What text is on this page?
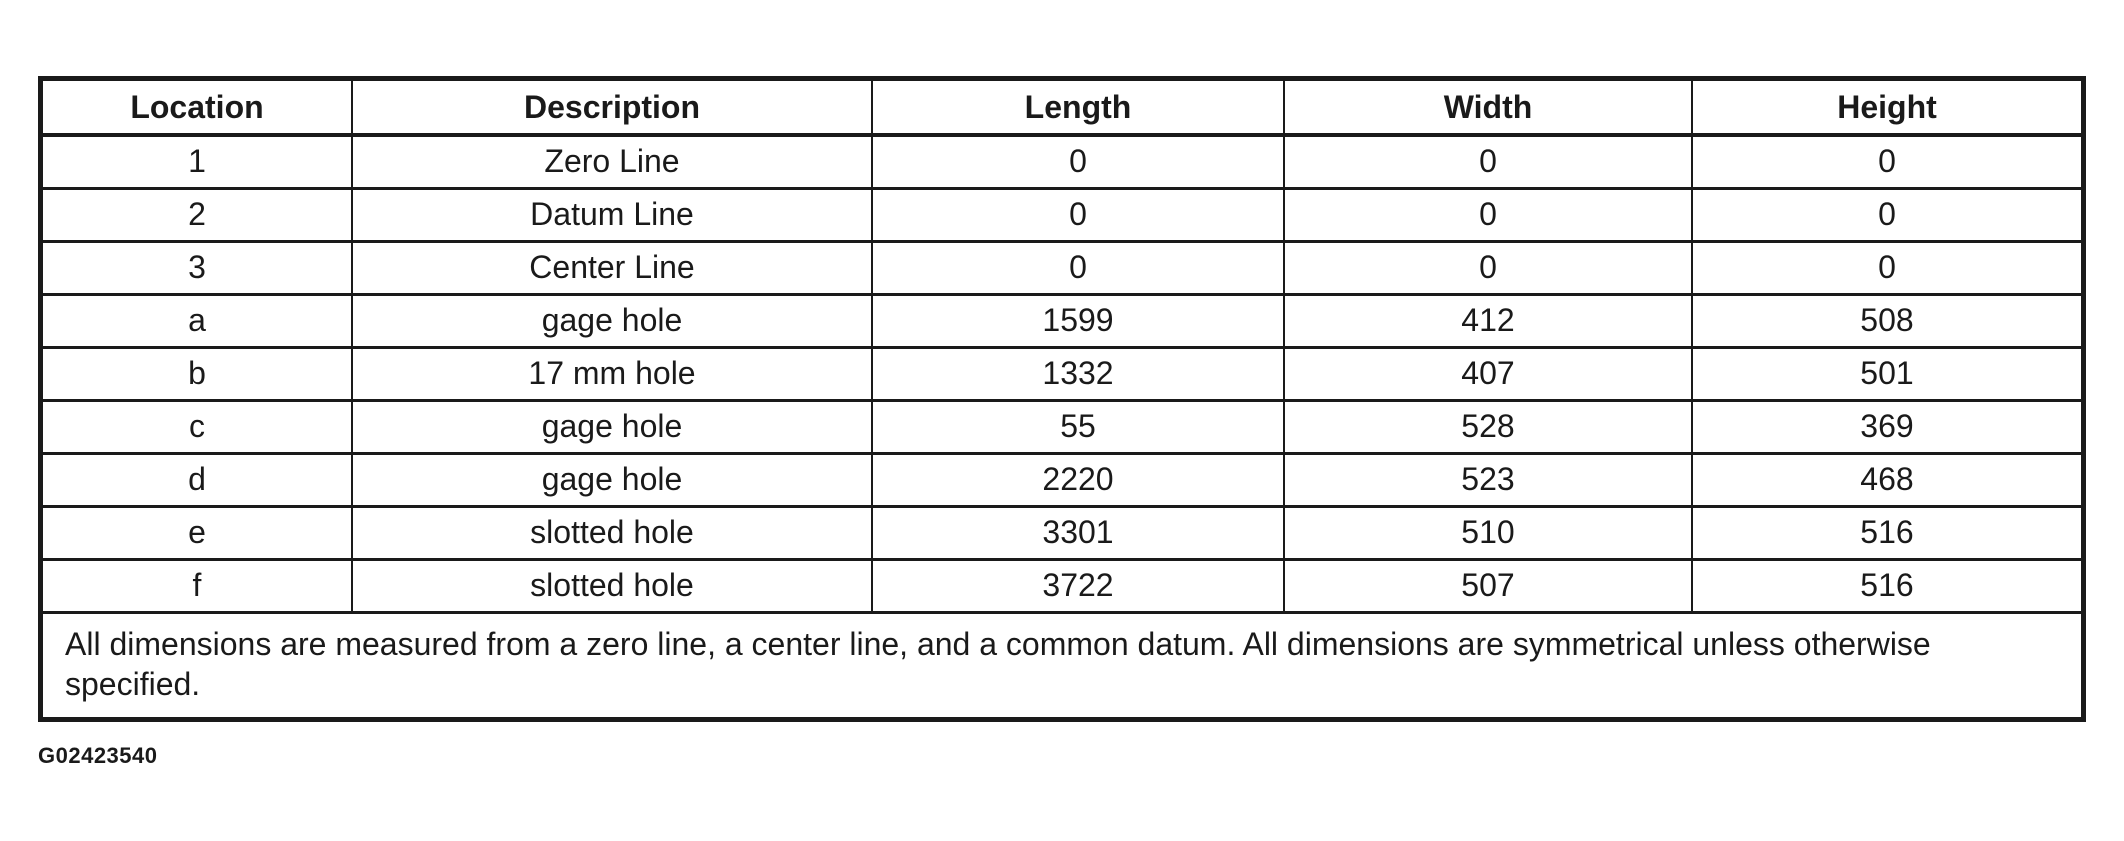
Location	Description	Length	Width	Height
1	Zero Line	0	0	0
2	Datum Line	0	0	0
3	Center Line	0	0	0
a	gage hole	1599	412	508
b	17 mm hole	1332	407	501
c	gage hole	55	528	369
d	gage hole	2220	523	468
e	slotted hole	3301	510	516
f	slotted hole	3722	507	516
All dimensions are measured from a zero line, a center line, and a common datum. All dimensions are symmetrical unless otherwise specified.				
G02423540
